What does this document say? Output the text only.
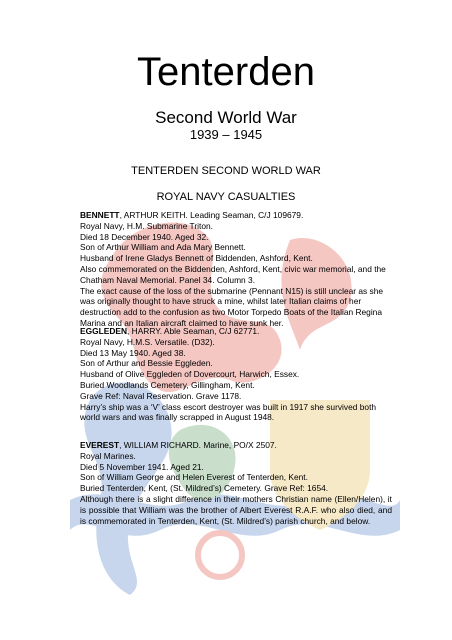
Tenterden
Second World War
1939 – 1945
TENTERDEN SECOND WORLD WAR
ROYAL NAVY CASUALTIES

BENNETT, ARTHUR KEITH. Leading Seaman, C/J 109679.

Royal Navy, H.M. Submarine Triton.

Died 18 December 1940. Aged 32.

Son of Arthur William and Ada Mary Bennett.

Husband of Irene Gladys Bennett of Biddenden, Ashford, Kent.

Also commemorated on the Biddenden, Ashford, Kent, civic war memorial, and the Chatham Naval Memorial. Panel 34. Column 3.

The exact cause of the loss of the submarine (Pennant N15) is still unclear as she was originally thought to have struck a mine, whilst later Italian claims of her destruction add to the confusion as two Motor Torpedo Boats of the Italian Regina Marina and an Italian aircraft claimed to have sunk her.

EGGLEDEN, HARRY. Able Seaman, C/J 62771.

Royal Navy, H.M.S. Versatile. (D32).

Died 13 May 1940. Aged 38.

Son of Arthur and Bessie Eggleden.

Husband of Olive Eggleden of Dovercourt, Harwich, Essex.

Buried Woodlands Cemetery, Gillingham, Kent.

Grave Ref: Naval Reservation. Grave 1178.

Harry’s ship was a ‘V’ class escort destroyer was built in 1917 she survived both world wars and was finally scrapped in August 1948.

EVEREST, WILLIAM RICHARD. Marine, PO/X 2507.

Royal Marines.

Died 5 November 1941. Aged 21.

Son of William George and Helen Everest of Tenterden, Kent.

Buried Tenterden, Kent, (St. Mildred’s) Cemetery. Grave Ref: 1654.

Although there is a slight difference in their mothers Christian name (Ellen/Helen), it is possible that William was the brother of Albert Everest R.A.F. who also died, and is commemorated in Tenterden, Kent, (St. Mildred’s) parish church, and below.
